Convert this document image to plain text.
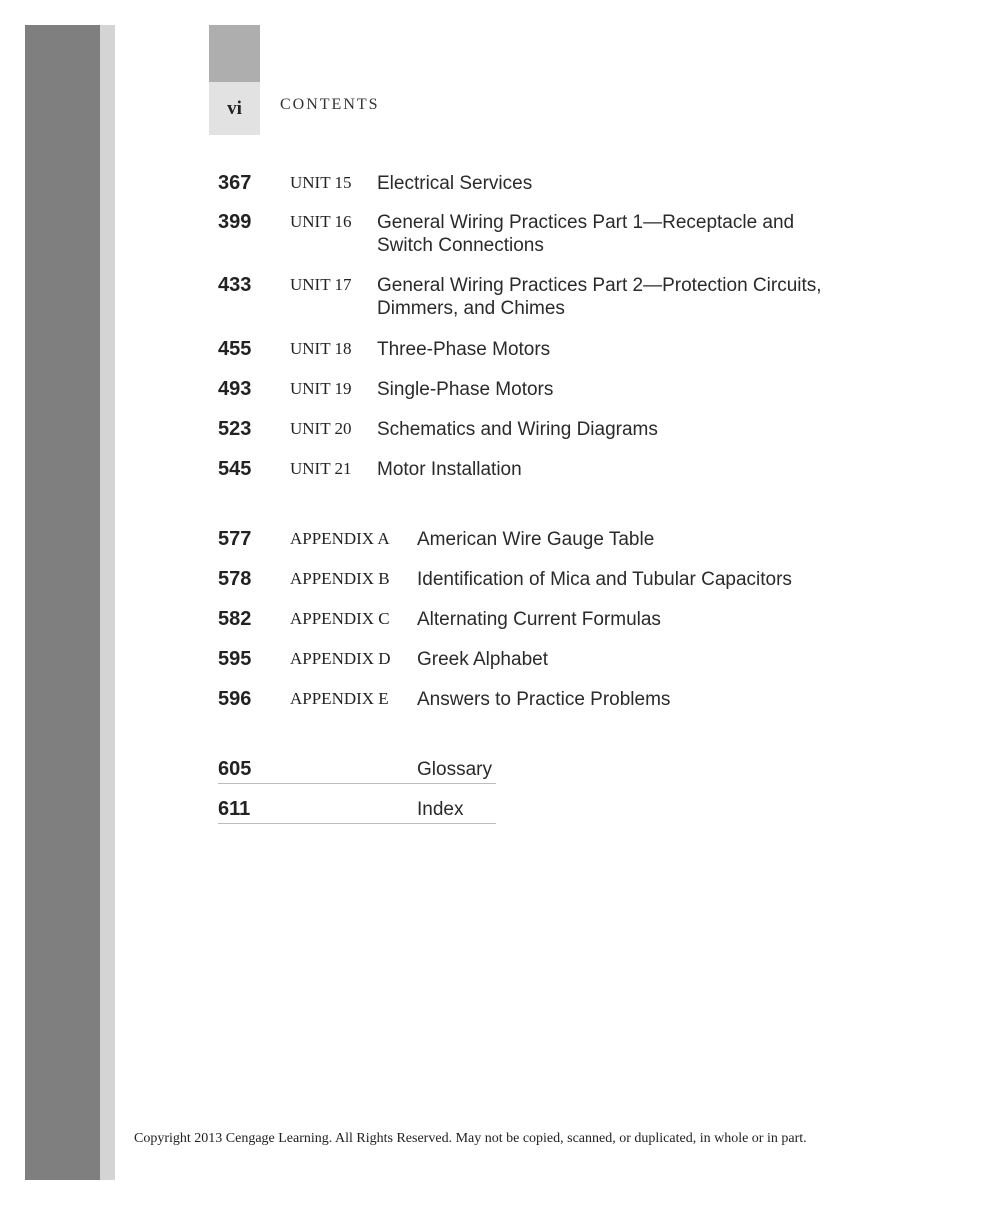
vi	CONTENTS
367 UNIT 15 Electrical Services
399 UNIT 16 General Wiring Practices Part 1—Receptacle and Switch Connections
433 UNIT 17 General Wiring Practices Part 2—Protection Circuits, Dimmers, and Chimes
455 UNIT 18 Three-Phase Motors
493 UNIT 19 Single-Phase Motors
523 UNIT 20 Schematics and Wiring Diagrams
545 UNIT 21 Motor Installation
577 APPENDIX A American Wire Gauge Table
578 APPENDIX B Identification of Mica and Tubular Capacitors
582 APPENDIX C Alternating Current Formulas
595 APPENDIX D Greek Alphabet
596 APPENDIX E Answers to Practice Problems
605	Glossary
611	Index
Copyright 2013 Cengage Learning. All Rights Reserved. May not be copied, scanned, or duplicated, in whole or in part.
